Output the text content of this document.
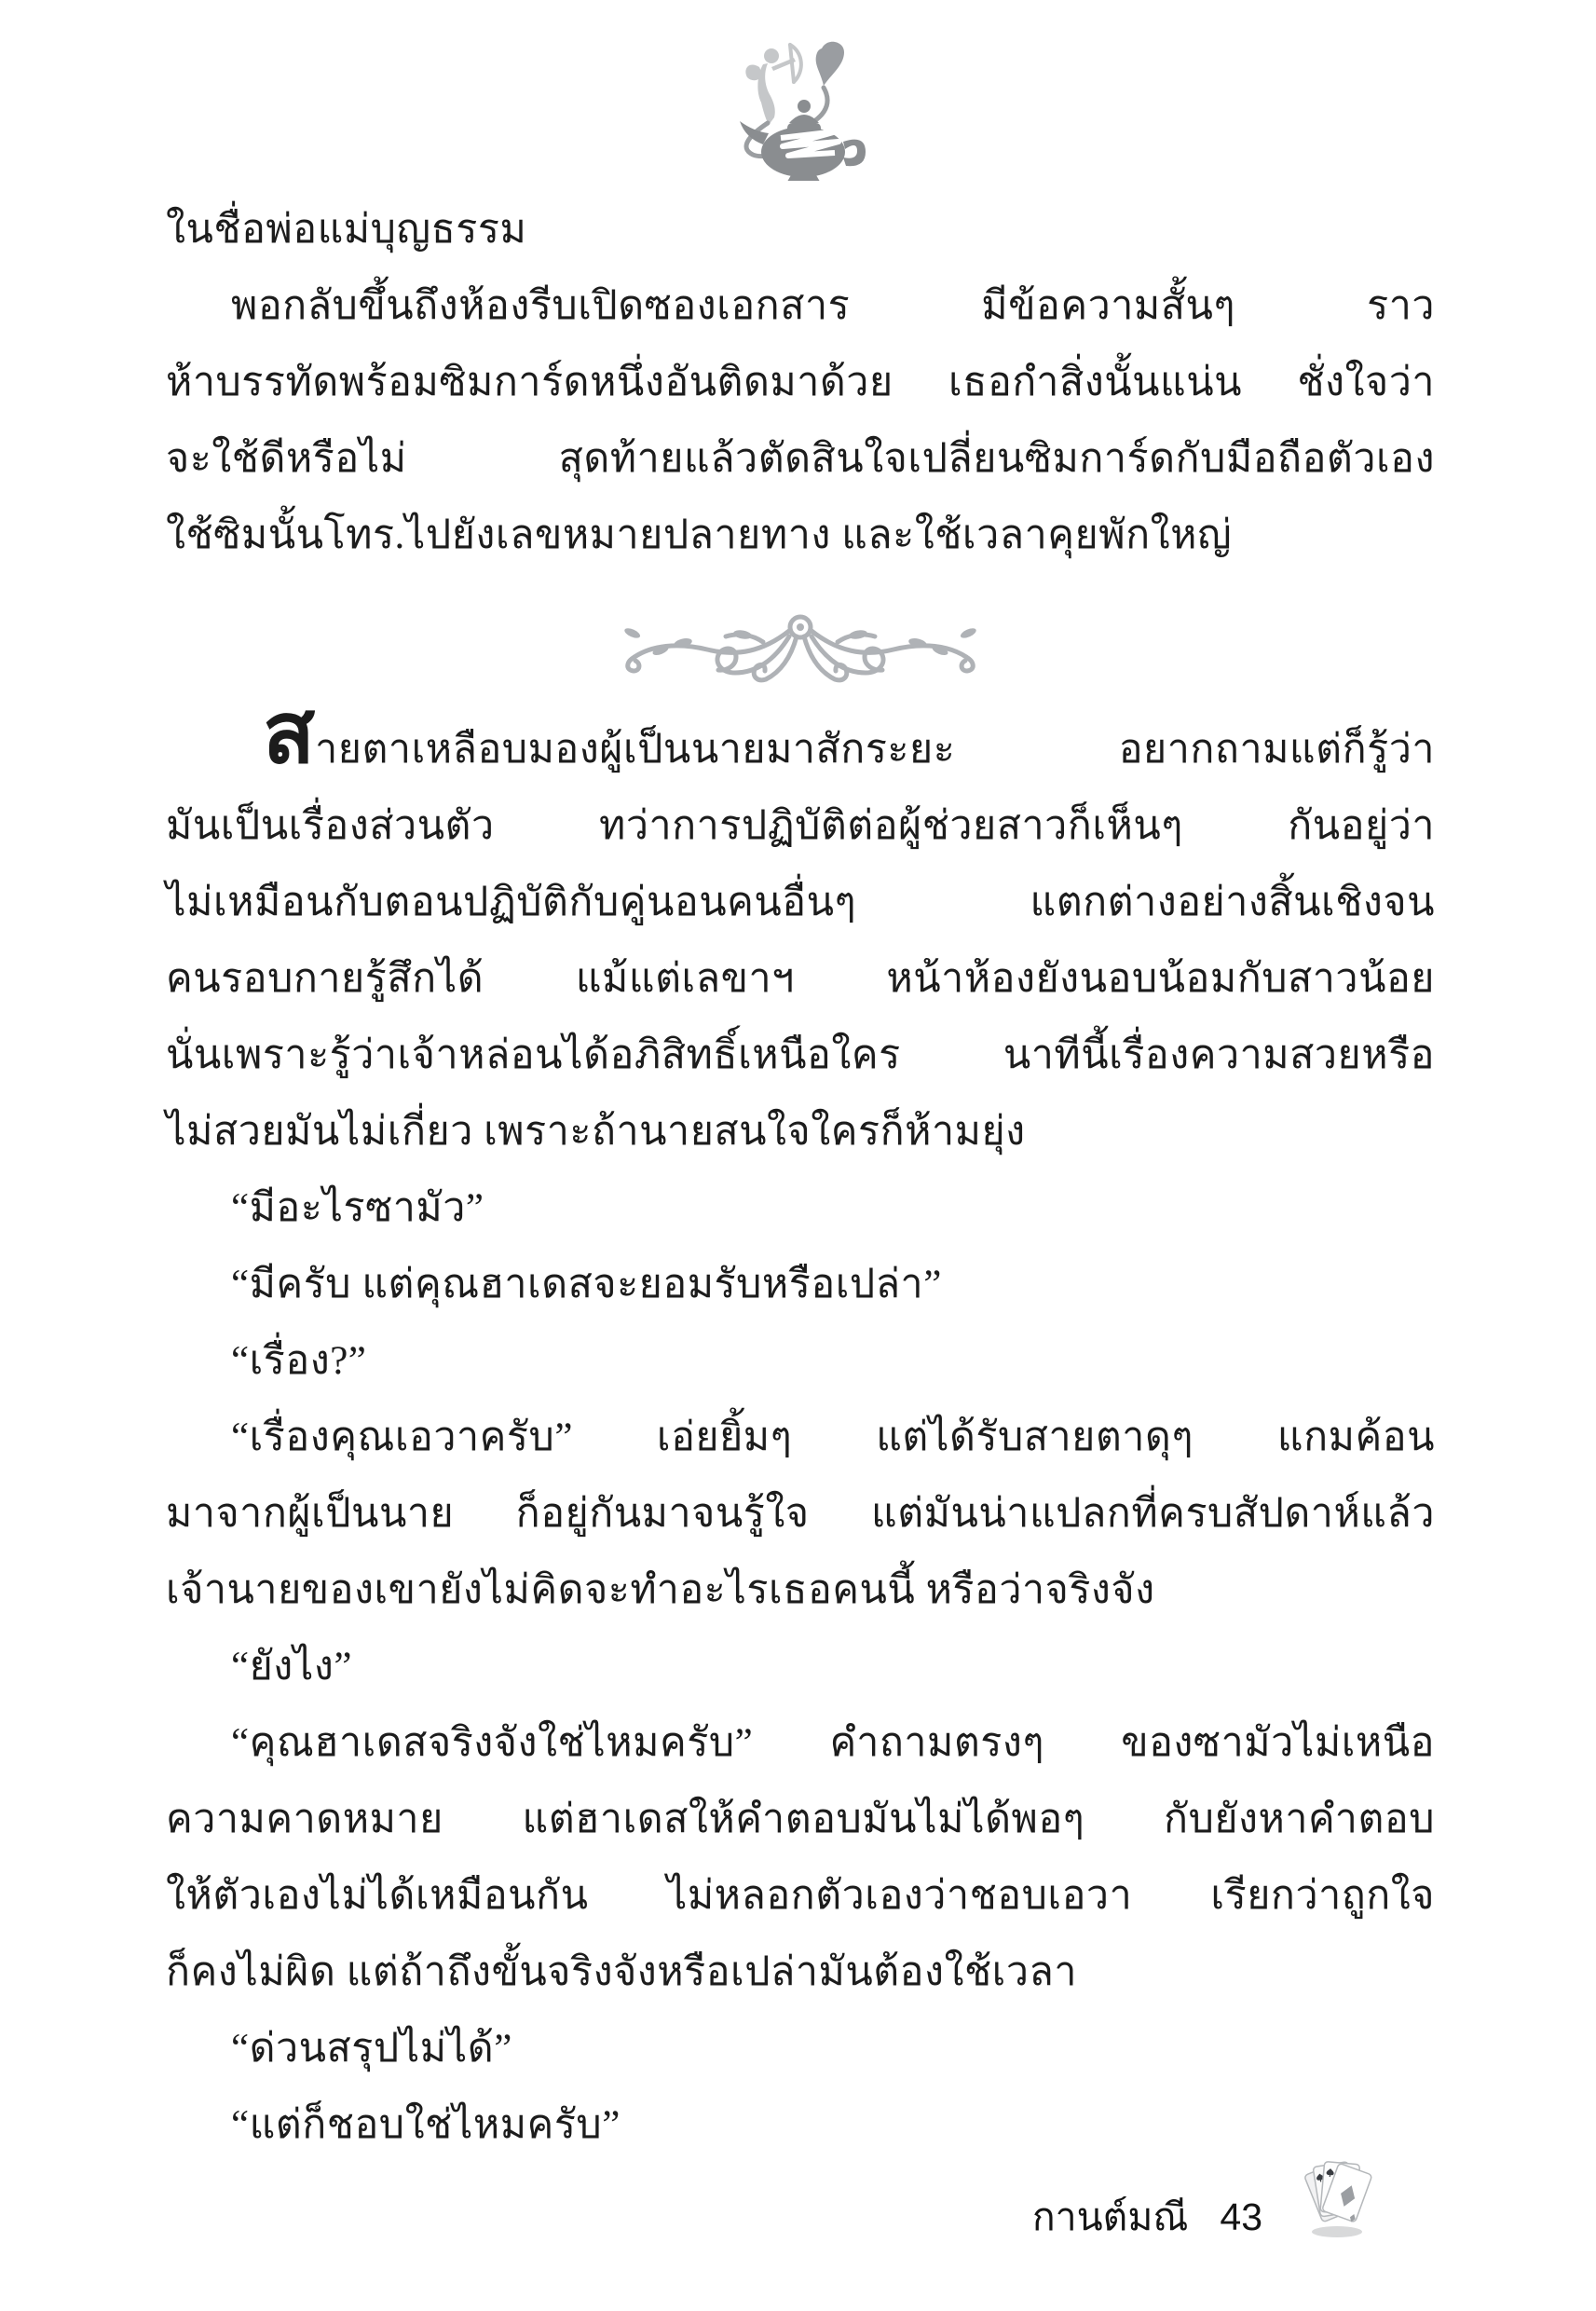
ในชื่อพ่อแม่บุญธรรม
พอกลับขึ้นถึงห้องรีบเปิดซองเอกสาร มีข้อความสั้นๆ ราว
ห้าบรรทัดพร้อมซิมการ์ดหนึ่งอันติดมาด้วย เธอกำสิ่งนั้นแน่น ชั่งใจว่า
จะใช้ดีหรือไม่ สุดท้ายแล้วตัดสินใจเปลี่ยนซิมการ์ดกับมือถือตัวเอง
ใช้ซิมนั้นโทร.ไปยังเลขหมายปลายทาง และใช้เวลาคุยพักใหญ่
สายตาเหลือบมองผู้เป็นนายมาสักระยะ อยากถามแต่ก็รู้ว่า
มันเป็นเรื่องส่วนตัว ทว่าการปฏิบัติต่อผู้ช่วยสาวก็เห็นๆ กันอยู่ว่า
ไม่เหมือนกับตอนปฏิบัติกับคู่นอนคนอื่นๆ แตกต่างอย่างสิ้นเชิงจน
คนรอบกายรู้สึกได้ แม้แต่เลขาฯ หน้าห้องยังนอบน้อมกับสาวน้อย
นั่นเพราะรู้ว่าเจ้าหล่อนได้อภิสิทธิ์เหนือใคร นาทีนี้เรื่องความสวยหรือ
ไม่สวยมันไม่เกี่ยว เพราะถ้านายสนใจใครก็ห้ามยุ่ง
“มีอะไรซามัว”
“มีครับ แต่คุณฮาเดสจะยอมรับหรือเปล่า”
“เรื่อง?”
“เรื่องคุณเอวาครับ” เอ่ยยิ้มๆ แต่ได้รับสายตาดุๆ แกมค้อน
มาจากผู้เป็นนาย ก็อยู่กันมาจนรู้ใจ แต่มันน่าแปลกที่ครบสัปดาห์แล้ว
เจ้านายของเขายังไม่คิดจะทำอะไรเธอคนนี้ หรือว่าจริงจัง
“ยังไง”
“คุณฮาเดสจริงจังใช่ไหมครับ” คำถามตรงๆ ของซามัวไม่เหนือ
ความคาดหมาย แต่ฮาเดสให้คำตอบมันไม่ได้พอๆ กับยังหาคำตอบ
ให้ตัวเองไม่ได้เหมือนกัน ไม่หลอกตัวเองว่าชอบเอวา เรียกว่าถูกใจ
ก็คงไม่ผิด แต่ถ้าถึงขั้นจริงจังหรือเปล่ามันต้องใช้เวลา
“ด่วนสรุปไม่ได้”
“แต่ก็ชอบใช่ไหมครับ”
กานต์มณี 43
